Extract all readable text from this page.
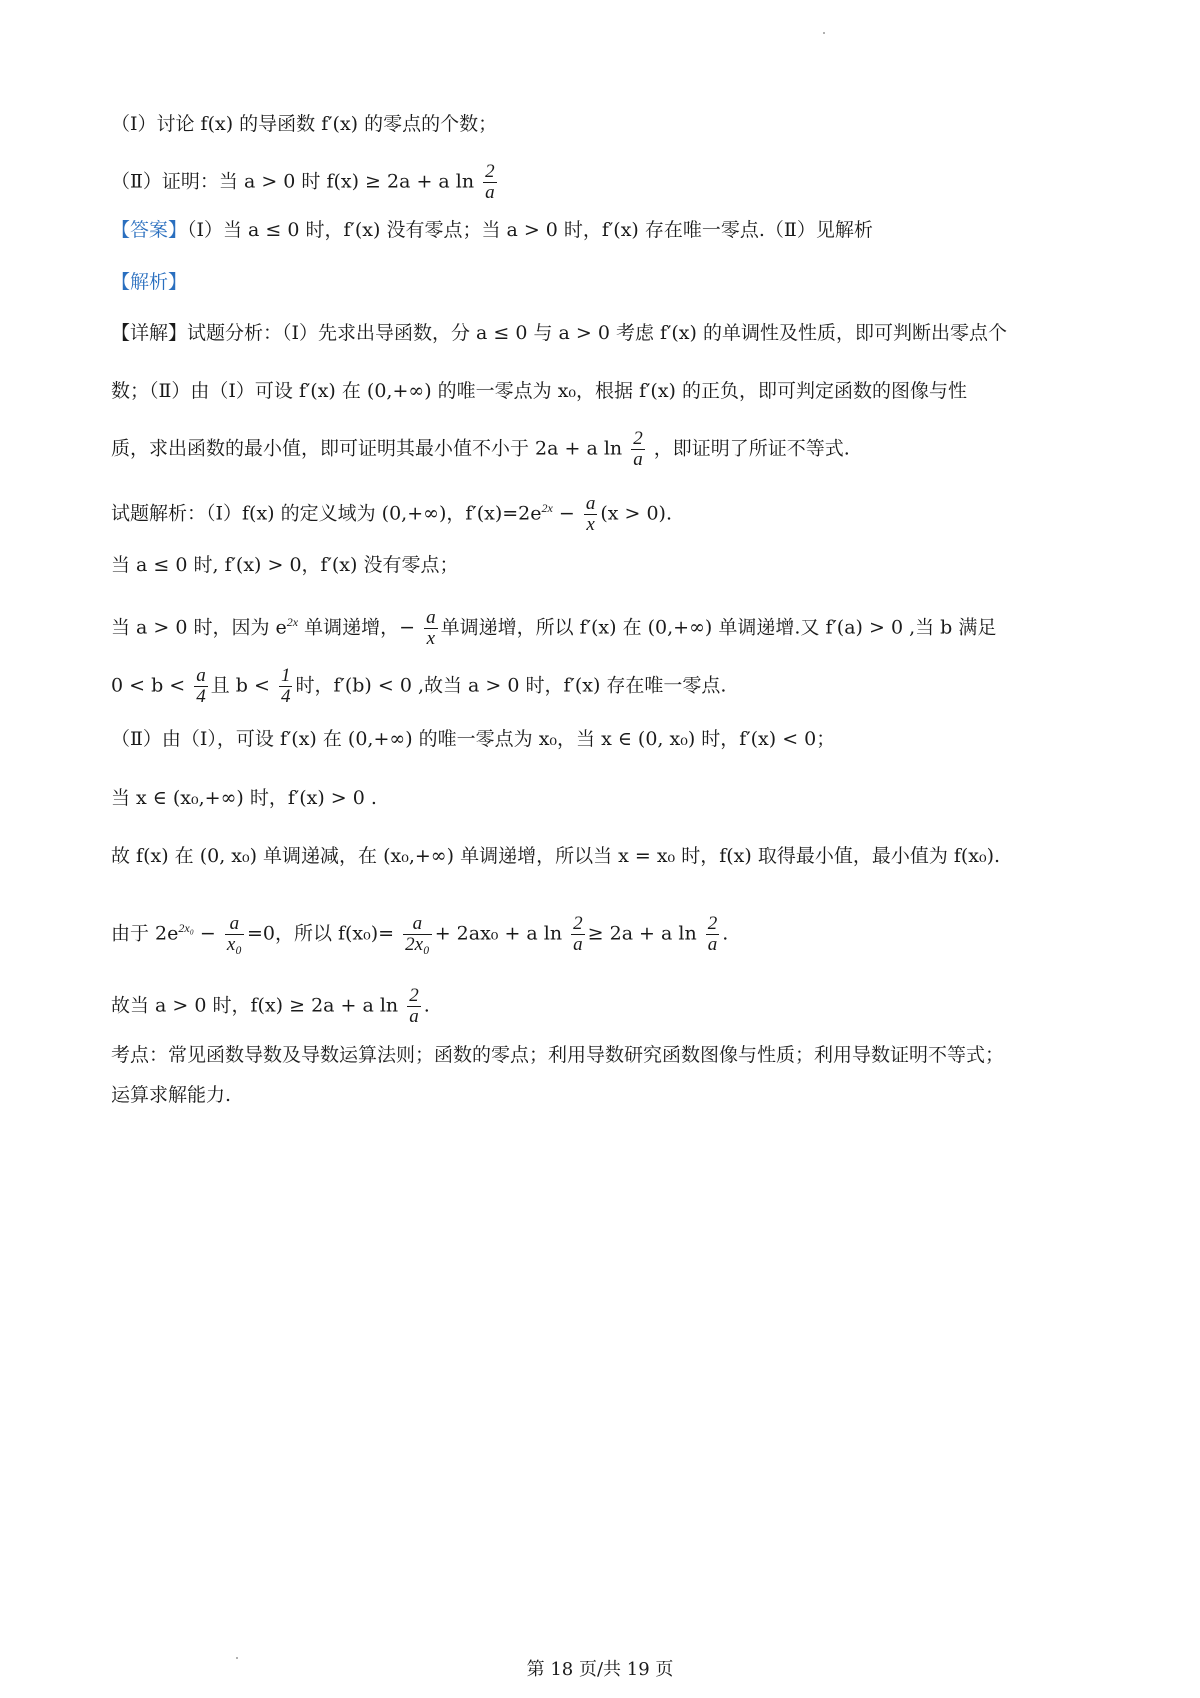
（Ⅰ）讨论 f(x) 的导函数 f′(x) 的零点的个数；
（Ⅱ）证明：当 a > 0 时 f(x) ≥ 2a + a $\ln \frac{2}{a}$
【答案】（Ⅰ）当 a ≤ 0 时，f′(x) 没有零点；当 a > 0 时，f′(x) 存在唯一零点.（Ⅱ）见解析
【解析】
【详解】试题分析：（Ⅰ）先求出导函数，分 a ≤ 0 与 a > 0 考虑 f′(x) 的单调性及性质，即可判断出零点个
数；（Ⅱ）由（Ⅰ）可设 f′(x) 在 (0,+∞) 的唯一零点为 x₀，根据 f′(x) 的正负，即可判定函数的图像与性
质，求出函数的最小值，即可证明其最小值不小于 2a + a $\ln \frac{2}{a}$ ，即证明了所证不等式.
试题解析：（Ⅰ）f(x) 的定义域为 (0,+∞)，$f'(x)=2e^{2x} - \frac{a}{x} (x > 0)$.
当 a ≤ 0 时, f′(x) > 0，f′(x) 没有零点；
当 a > 0 时，因为 $e^{2x}$ 单调递增，− $\frac{a}{x}$ 单调递增，所以 f′(x) 在 (0,+∞) 单调递增.又 f′(a) > 0 ,当 b 满足
$0 < b < \frac{a}{4}$ 且 $b < \frac{1}{4}$ 时，f′(b) < 0 ,故当 a > 0 时，f′(x) 存在唯一零点.
（Ⅱ）由（Ⅰ），可设 f′(x) 在 (0,+∞) 的唯一零点为 x₀，当 x ∈ (0, x₀) 时，f′(x) < 0；
当 x ∈ (x₀,+∞) 时，f′(x) > 0 .
故 f(x) 在 (0, x₀) 单调递减，在 (x₀,+∞) 单调递增，所以当 x = x₀ 时，f(x) 取得最小值，最小值为 f(x₀).
由于 $2e^{2x_0} - \frac{a}{\text{x₀}} =0$，所以 $f(x_0)= \frac{a}{\text{2x₀}} + 2ax_0 + a$ $\ln \frac{2}{a} \ge 2a + a$ $\ln \frac{2}{a}$ .
故当 a > 0 时，f(x) ≥ 2a + a $\ln \frac{2}{a}$ .
考点：常见函数导数及导数运算法则；函数的零点；利用导数研究函数图像与性质；利用导数证明不等式；
运算求解能力.
第 18 页/共 19 页
